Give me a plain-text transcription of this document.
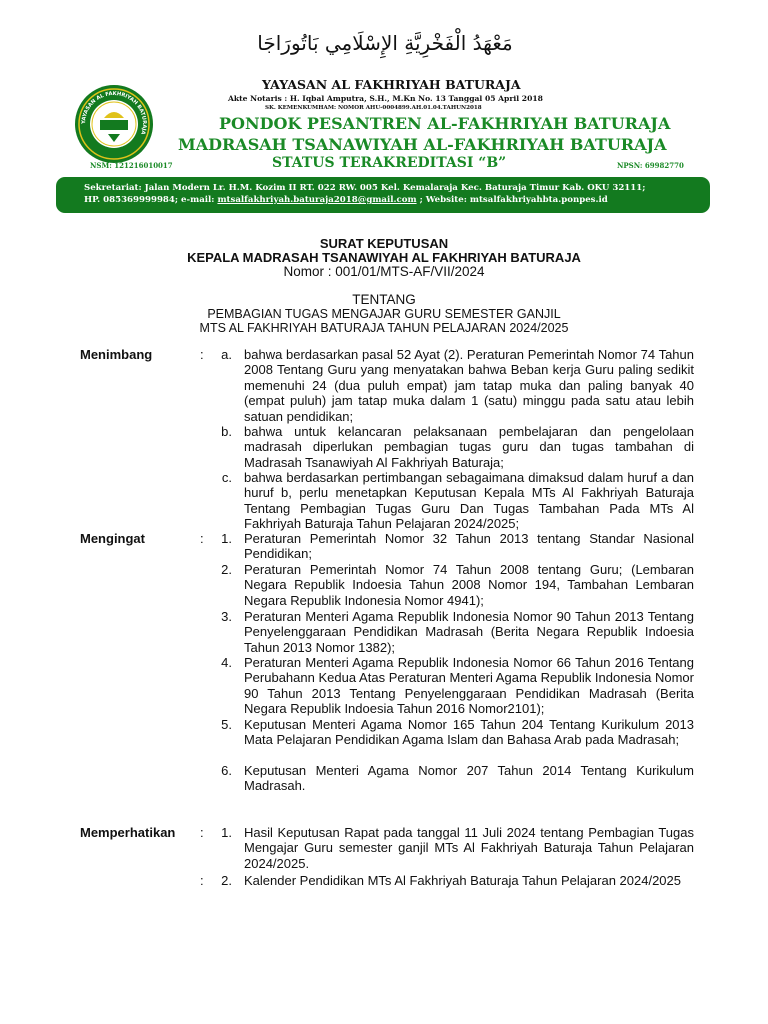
مَعْهَدُ الْفَخْرِيَّةِ الإِسْلَامِي بَاتُورَاجَا
YAYASAN AL FAKHRIYAH BATURAJA
YAYASAN AL FAKHRIYAH BATURAJA
Akte Notaris : H. Iqbal Amputra, S.H., M.Kn No. 13 Tanggal 05 April 2018
SK. KEMENKUMHAM: NOMOR AHU-0004899.AH.01.04.TAHUN2018
PONDOK PESANTREN AL-FAKHRIYAH BATURAJA
MADRASAH TSANAWIYAH AL-FAKHRIYAH BATURAJA
STATUS TERAKREDITASI “B”
NSM: 121216010017	NPSN: 69982770
Sekretariat: Jalan Modern Lr. H.M. Kozim II RT. 022 RW. 005 Kel. Kemalaraja Kec. Baturaja Timur Kab. OKU 32111;
HP. 085369999984; e-mail: mtsalfakhriyah.baturaja2018@gmail.com ; Website: mtsalfakhriyahbta.ponpes.id
SURAT KEPUTUSAN
KEPALA MADRASAH TSANAWIYAH AL FAKHRIYAH BATURAJA
Nomor : 001/01/MTS-AF/VII/2024
TENTANG
PEMBAGIAN TUGAS MENGAJAR GURU SEMESTER GANJIL
MTS AL FAKHRIYAH BATURAJA TAHUN PELAJARAN 2024/2025
Menimbang	:	a. bahwa berdasarkan pasal 52 Ayat (2). Peraturan Pemerintah Nomor 74 Tahun 2008 Tentang Guru yang menyatakan bahwa Beban kerja Guru paling sedikit memenuhi 24 (dua puluh empat) jam tatap muka dan paling banyak 40 (empat puluh) jam tatap muka dalam 1 (satu) minggu pada satu atau lebih satuan pendidikan;
b. bahwa untuk kelancaran pelaksanaan pembelajaran dan pengelolaan madrasah diperlukan pembagian tugas guru dan tugas tambahan di Madrasah Tsanawiyah Al Fakhriyah Baturaja;
c. bahwa berdasarkan pertimbangan sebagaimana dimaksud dalam huruf a dan huruf b, perlu menetapkan Keputusan Kepala MTs Al Fakhriyah Baturaja Tentang Pembagian Tugas Guru Dan Tugas Tambahan Pada MTs Al Fakhriyah Baturaja Tahun Pelajaran 2024/2025;
Mengingat	:	1. Peraturan Pemerintah Nomor 32 Tahun 2013 tentang Standar Nasional Pendidikan;
2. Peraturan Pemerintah Nomor 74 Tahun 2008 tentang Guru; (Lembaran Negara Republik Indoesia Tahun 2008 Nomor 194, Tambahan Lembaran Negara Republik Indonesia Nomor 4941);
3. Peraturan Menteri Agama Republik Indonesia Nomor 90 Tahun 2013 Tentang Penyelenggaraan Pendidikan Madrasah (Berita Negara Republik Indoesia Tahun 2013 Nomor 1382);
4. Peraturan Menteri Agama Republik Indonesia Nomor 66 Tahun 2016 Tentang Perubahann Kedua Atas Peraturan Menteri Agama Republik Indonesia Nomor 90 Tahun 2013 Tentang Penyelenggaraan Pendidikan Madrasah (Berita Negara Republik Indoesia Tahun 2016 Nomor2101);
5. Keputusan Menteri Agama Nomor 165 Tahun 204 Tentang Kurikulum 2013 Mata Pelajaran Pendidikan Agama Islam dan Bahasa Arab pada Madrasah;
6. Keputusan Menteri Agama Nomor 207 Tahun 2014 Tentang Kurikulum Madrasah.
Memperhatikan :	1. Hasil Keputusan Rapat pada tanggal 11 Juli 2024 tentang Pembagian Tugas Mengajar Guru semester ganjil MTs Al Fakhriyah Baturaja Tahun Pelajaran 2024/2025.
:	2. Kalender Pendidikan MTs Al Fakhriyah Baturaja Tahun Pelajaran 2024/2025
